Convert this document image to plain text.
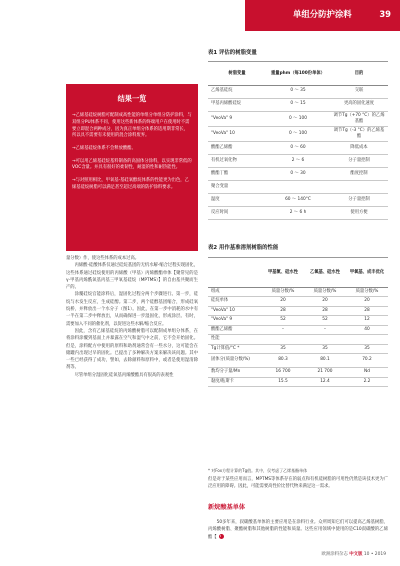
单组分防护涂料	39
表1 评估的树脂变量
树脂变量	重量phm（每100份单体）	目的
乙烯基硅烷	0 ～ 35	交联
甲基丙烯酸硅烷	0 ～ 15	更高的固化速度
"VeoVa" 9	0 ～ 100	调节Tg（+70 °C）的乙烯基酯
"VeoVa" 10	0 ～ 100	调节Tg（-3 °C）的乙烯基酯
酸酯乙烯酯	0 ～ 60	降低成本
有机过氧化物	2 ～ 6	分子量控制
酸酯丁酯	0 ～ 30	酯度控制
聚合变量		
温度	60 ～ 140°C	分子量控制
反应时间	2 ～ 6 h	使用方便
表2 用作基准溶剂树脂的性能
	甲基氯、硅水性	乙氧基、硅水性	甲氧基、成丰优化
组成	质量分数/%	质量分数/%	质量分数/%
硅烷单体	20	20	20
"VeoVa" 10	28	28	28
"VeoVa" 9	52	52	12
酸酯乙烯酯	–	–	40
性能			
Tg计算值/°C *	35	35	35
固体分(质量分数/%)	80.3	80.1	70.2
数均分子量/Mn	16 700	21 700	Nd
黏度/粘斯卡	15.5	12.4	2.2
* 对Fox方程计算的Tg值。其中，仅考虑了乙烯基酯单体
结果一览
→乙烯基硅烷树脂可配制成高性能的单组分单组分防护涂料，与双组分PU体系不同，使用这些新体系的终端用户在使用时不需要立即混合两种成分，因为真正单组分体系的适用期非常长，所以具不需要有未使用的混合涂料废弃。
→乙烯基硅烷体系不会释放酸酯。
→可以用乙烯基硅烷基料制备的高固体分涂料，以实现非常低的VOC含量。并具有很好的柔韧性，耐湿的性和耐热能性。
→与对照用相比，甲氧基-基硅氧醇烷体系的性能更为出色，乙烯基硅烷树脂可以满足甚至超过高端的防护涂料要求。

量分数）作，使这些体系的成本过高。

丙烯酸-硅酸体系仅通过硅烷基团的无机水解-缩合过程实现固化，这些体系通过硅烷使用的丙烯酸（甲基）丙烯酸酯单体【聚常见的是γ-甲基丙烯酰氧基丙基三甲氧基硅烷（MPTMS）】的自由基共聚而生产的。

涂覆硅烷官能涂料后，湿固化过程分两个步骤进行。第一步，硅烷与水发生反应，生成硅醇。第二步，两个硅醇基团缩合，形成硅氧烷桥，并释放出一个水分子（图1）。因此，在第一步中消耗的水中有一半在第二步中释放出，从而确保进一步湿固化，形成涂层。有时，需要加入不同的催化剂，以促进这些水解/缩合反应。

因此，含有乙烯基硅烷的丙烯酸树脂可以配制成单组分体系，在将涂料涂覆到基面上并暴露在空气和湿气中之前，它不会开始固化。但是，涂料配方中使用的原料和助剂通常会有一些水分，这可能会在储罐内出现过早的固化。已提出了多种解决方案来解决该问题。其中一些已经获得了成功，譬如，去除颜料和原料中，或者是使用湿清除剂等。

尽管单组分湿固化硅氧基丙烯酸酯具有很高的表观性

但是对于某些应用而言，MPTMS等体系存在的弱点和有机硅树脂的可用性仍然是该技术更为广泛应用的障碍。因此，可能需要高性价比替代物来满足这一需求。

新烷酸基单体

50多年来，叔碳酸基单体的主要应用是在涂料行业。众所周知它们可以提高乙烯基树脂、丙烯酸树脂、聚酯树脂和其他树脂的性能和质量。这些应用领域中使用的是C10叔碳酸的乙烯酯【

欧洲涂料杂志 中文版 10 • 2019
